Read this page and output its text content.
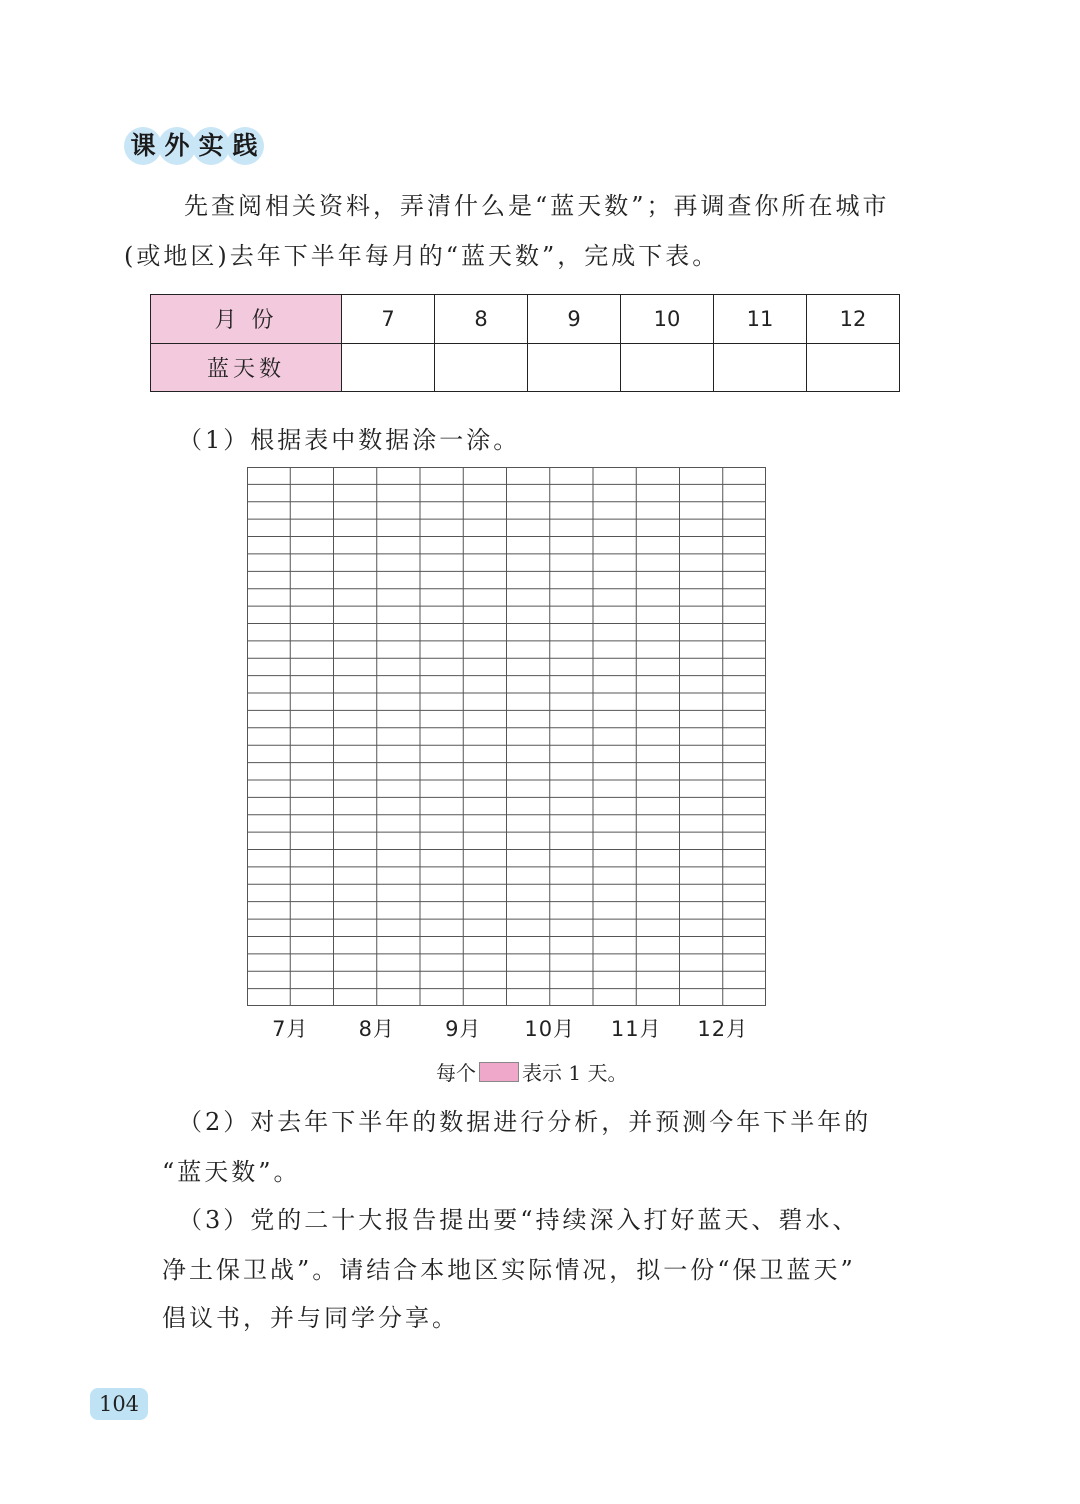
课 外 实 践
先查阅相关资料，弄清什么是“蓝天数”；再调查你所在城市
(或地区)去年下半年每月的“蓝天数”，完成下表。
月 份	7	8	9	10	11	12
蓝天数						
（1）根据表中数据涂一涂。
7月	8月	9月	10月	11月	12月
每个 表示 1 天。
（2）对去年下半年的数据进行分析，并预测今年下半年的
“蓝天数”。
（3）党的二十大报告提出要“持续深入打好蓝天、碧水、
净土保卫战”。请结合本地区实际情况，拟一份“保卫蓝天”
倡议书，并与同学分享。
104
